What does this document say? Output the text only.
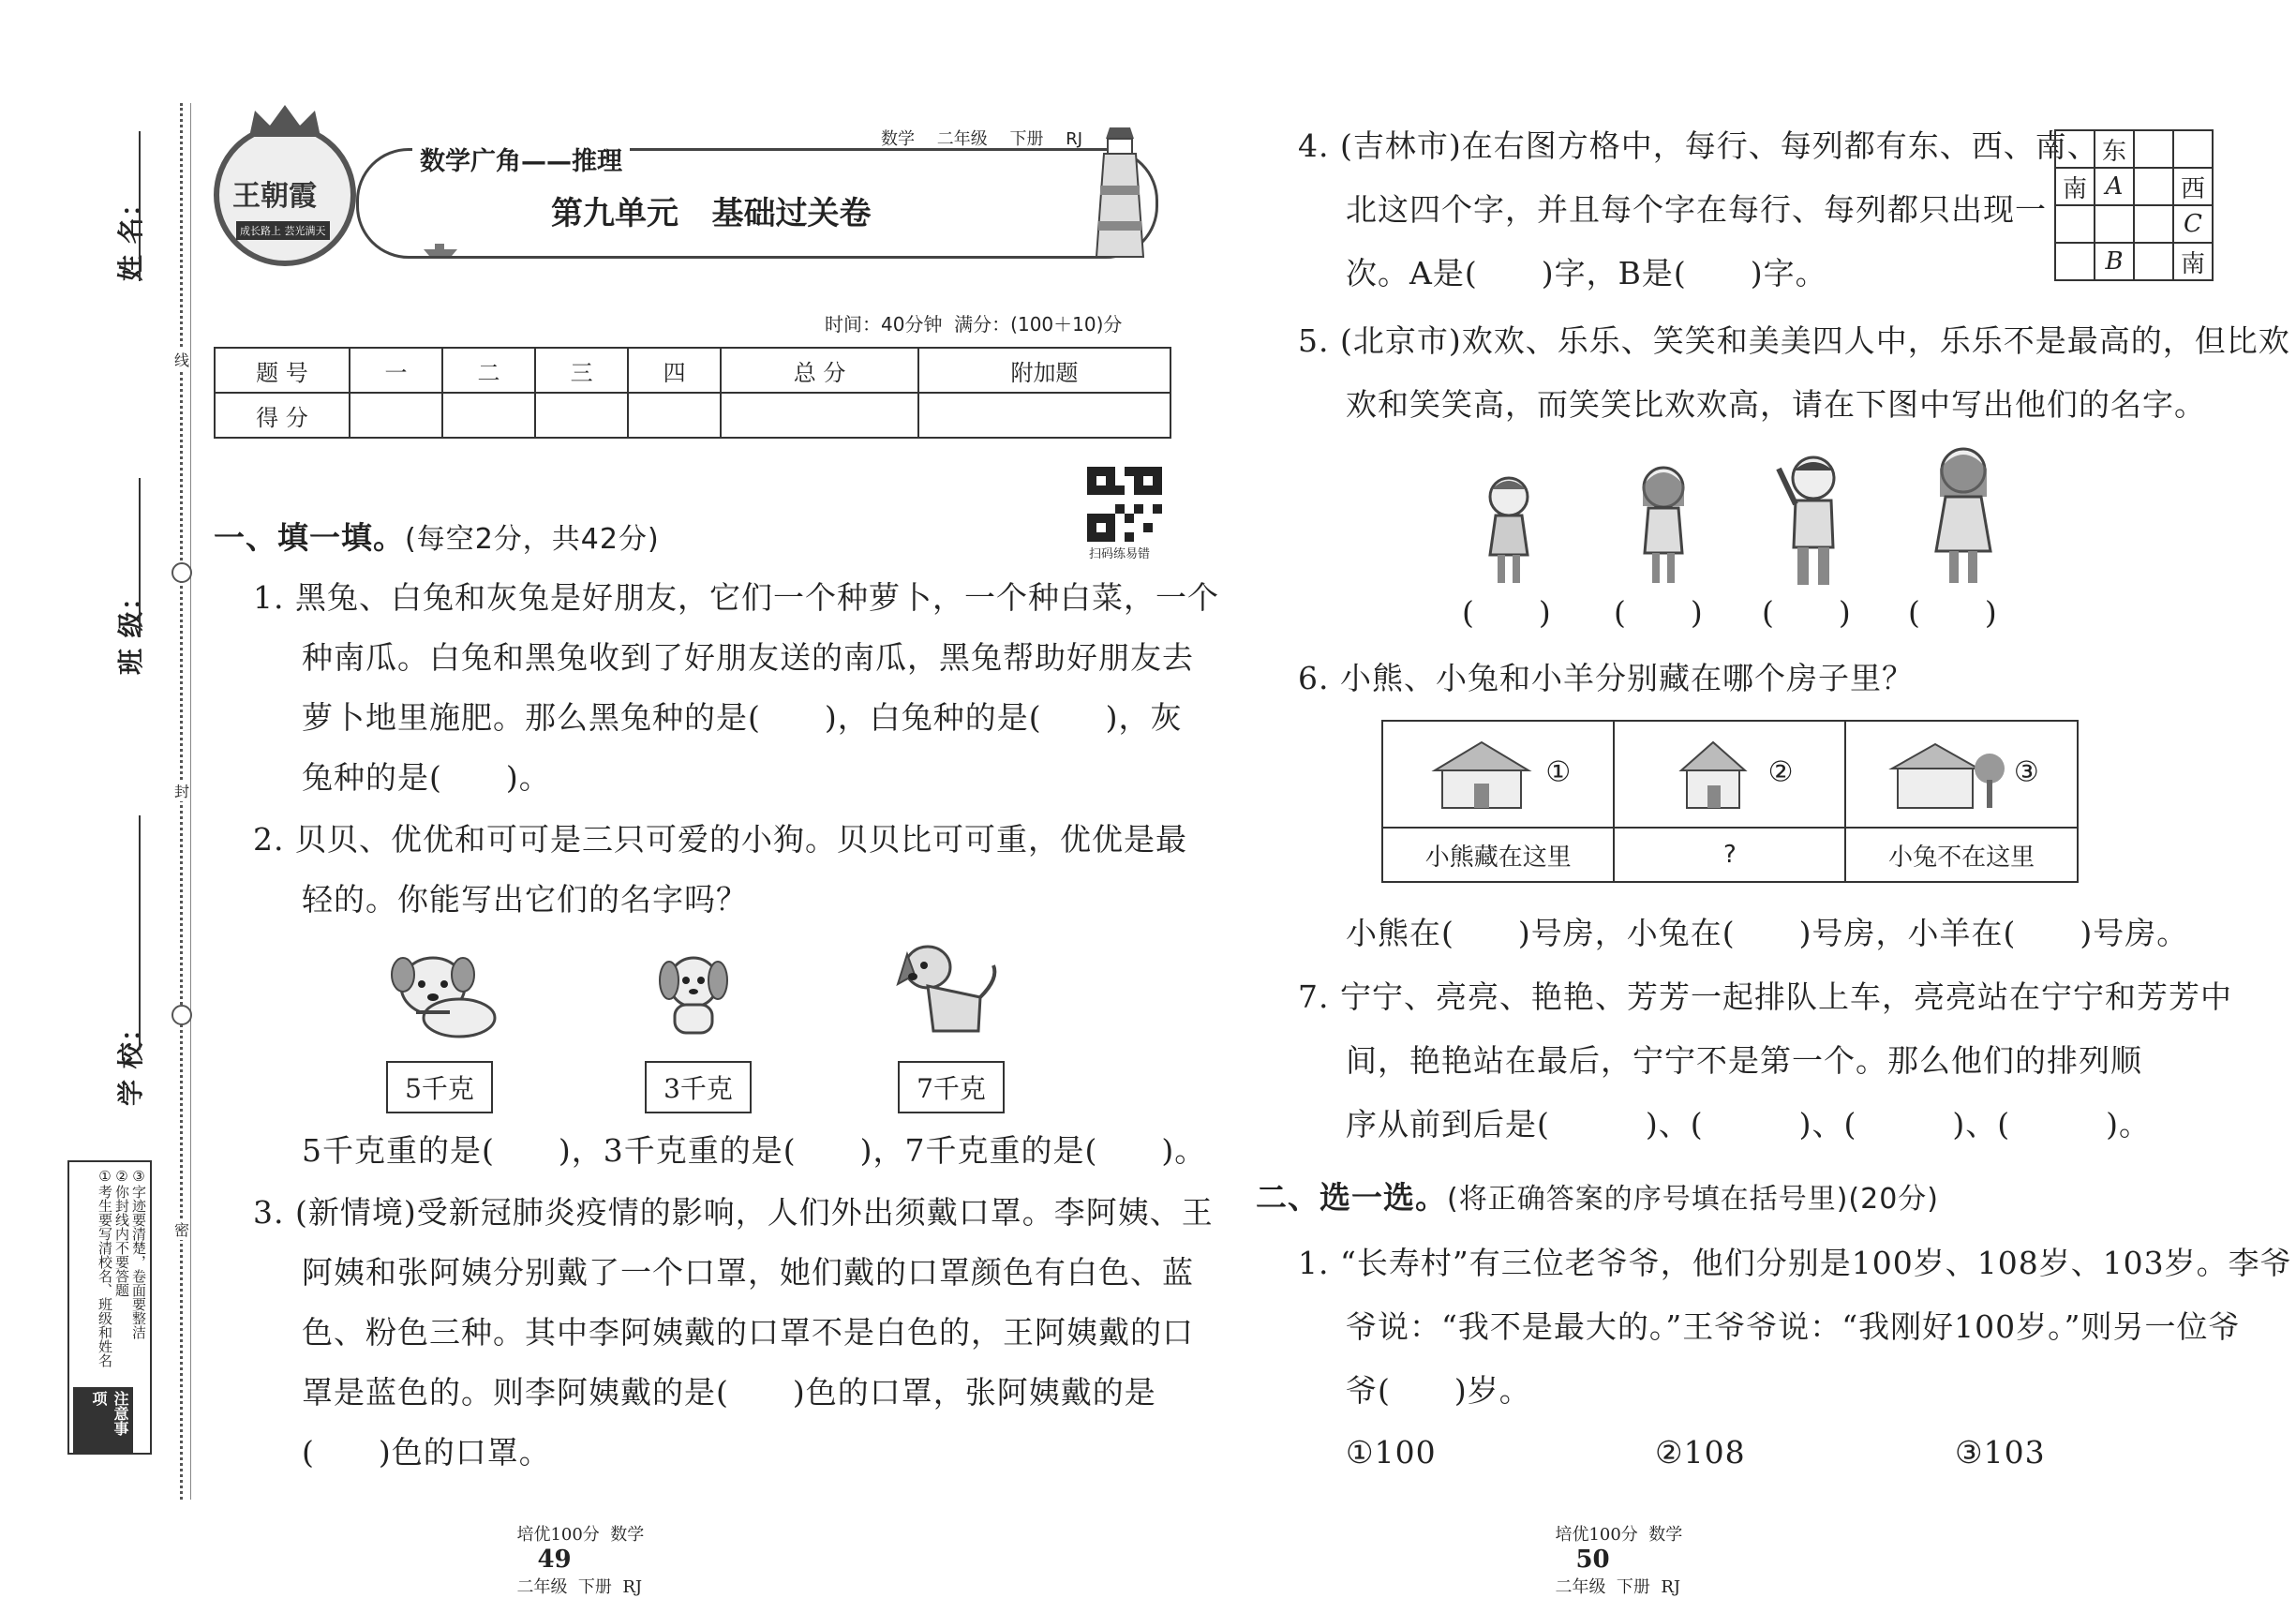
姓 名：
班 级：
学 校：
线
封
密
注意事项
①考生要写清校名、班级和姓名 ②你封线内不要答题 ③字迹要清楚，卷面要整洁
王朝霞
成长路上 芸光满天
数学广角——推理
第九单元   基础过关卷
数学 二年级 下册 RJ
时间：40分钟  满分：(100＋10)分
题 号	一	二	三	四	总 分	附加题
得 分						
扫码练易错
一、填一填。(每空2分，共42分)
1. 黑兔、白兔和灰兔是好朋友，它们一个种萝卜，一个种白菜，一个
种南瓜。白兔和黑兔收到了好朋友送的南瓜，黑兔帮助好朋友去
萝卜地里施肥。那么黑兔种的是(　　)，白兔种的是(　　)，灰
兔种的是(　　)。
2. 贝贝、优优和可可是三只可爱的小狗。贝贝比可可重，优优是最
轻的。你能写出它们的名字吗？
5千克	3千克	7千克
5千克重的是(　　)，3千克重的是(　　)，7千克重的是(　　)。
3. (新情境)受新冠肺炎疫情的影响，人们外出须戴口罩。李阿姨、王
阿姨和张阿姨分别戴了一个口罩，她们戴的口罩颜色有白色、蓝
色、粉色三种。其中李阿姨戴的口罩不是白色的，王阿姨戴的口
罩是蓝色的。则李阿姨戴的是(　　)色的口罩，张阿姨戴的是
(　　)色的口罩。
4. (吉林市)在右图方格中，每行、每列都有东、西、南、
北这四个字，并且每个字在每行、每列都只出现一
次。A是(　　)字，B是(　　)字。
	东		
南	A		西
			C
	B		南
5. (北京市)欢欢、乐乐、笑笑和美美四人中，乐乐不是最高的，但比欢
欢和笑笑高，而笑笑比欢欢高，请在下图中写出他们的名字。
(　　) (　　) (　　) (　　)
6. 小熊、小兔和小羊分别藏在哪个房子里？
①	②	③
小熊藏在这里	?	小兔不在这里
小熊在(　　)号房，小兔在(　　)号房，小羊在(　　)号房。
7. 宁宁、亮亮、艳艳、芳芳一起排队上车，亮亮站在宁宁和芳芳中
间，艳艳站在最后，宁宁不是第一个。那么他们的排列顺
序从前到后是(　　　)、(　　　)、(　　　)、(　　　)。
二、选一选。(将正确答案的序号填在括号里)(20分)
1. “长寿村”有三位老爷爷，他们分别是100岁、108岁、103岁。李爷
爷说：“我不是最大的。”王爷爷说：“我刚好100岁。”则另一位爷
爷(　　)岁。
①100	②108	③103

培优100分  数学
49
二年级  下册  RJ

培优100分  数学
50
二年级  下册  RJ
